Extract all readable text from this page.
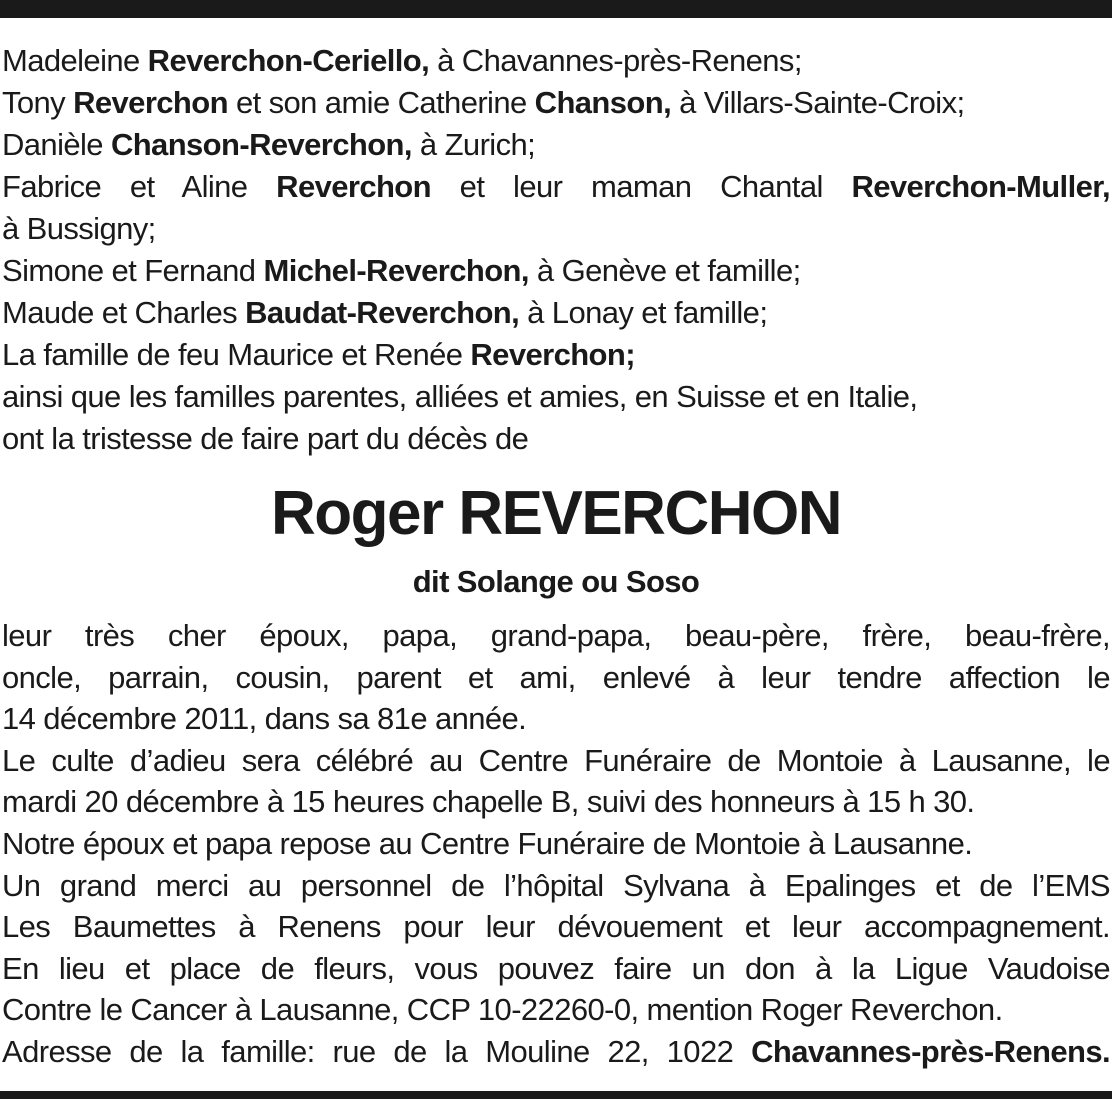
Madeleine Reverchon-Ceriello, à Chavannes-près-Renens;
Tony Reverchon et son amie Catherine Chanson, à Villars-Sainte-Croix;
Danièle Chanson-Reverchon, à Zurich;
Fabrice et Aline Reverchon et leur maman Chantal Reverchon-Muller,
à Bussigny;
Simone et Fernand Michel-Reverchon, à Genève et famille;
Maude et Charles Baudat-Reverchon, à Lonay et famille;
La famille de feu Maurice et Renée Reverchon;
ainsi que les familles parentes, alliées et amies, en Suisse et en Italie,
ont la tristesse de faire part du décès de
Roger REVERCHON
dit Solange ou Soso
leur très cher époux, papa, grand-papa, beau-père, frère, beau-frère,
oncle, parrain, cousin, parent et ami, enlevé à leur tendre affection le
14 décembre 2011, dans sa 81e année.
Le culte d’adieu sera célébré au Centre Funéraire de Montoie à Lausanne, le
mardi 20 décembre à 15 heures chapelle B, suivi des honneurs à 15 h 30.
Notre époux et papa repose au Centre Funéraire de Montoie à Lausanne.
Un grand merci au personnel de l’hôpital Sylvana à Epalinges et de l’EMS
Les Baumettes à Renens pour leur dévouement et leur accompagnement.
En lieu et place de fleurs, vous pouvez faire un don à la Ligue Vaudoise
Contre le Cancer à Lausanne, CCP 10-22260-0, mention Roger Reverchon.
Adresse de la famille: rue de la Mouline 22, 1022 Chavannes-près-Renens.
